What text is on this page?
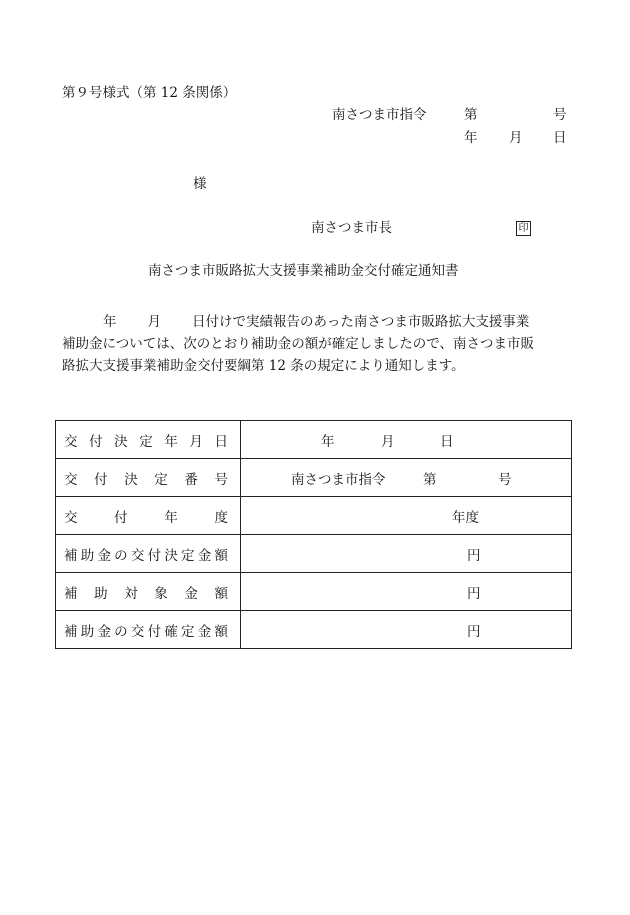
第９号様式（第 12 条関係）
南さつま市指令	第	号
年 月 日
様
南さつま市長	印
南さつま市販路拡大支援事業補助金交付確定通知書

年 月 日付けで実績報告のあった南さつま市販路拡大支援事業

補助金については、次のとおり補助金の額が確定しましたので、南さつま市販

路拡大支援事業補助金交付要綱第 12 条の規定により通知します。

交付決定年月日	年 月 日

交付決定番号	南さつま市指令 第 号

交付年度	年度

補助金の交付決定金額	円

補助対象金額	円

補助金の交付確定金額	円
